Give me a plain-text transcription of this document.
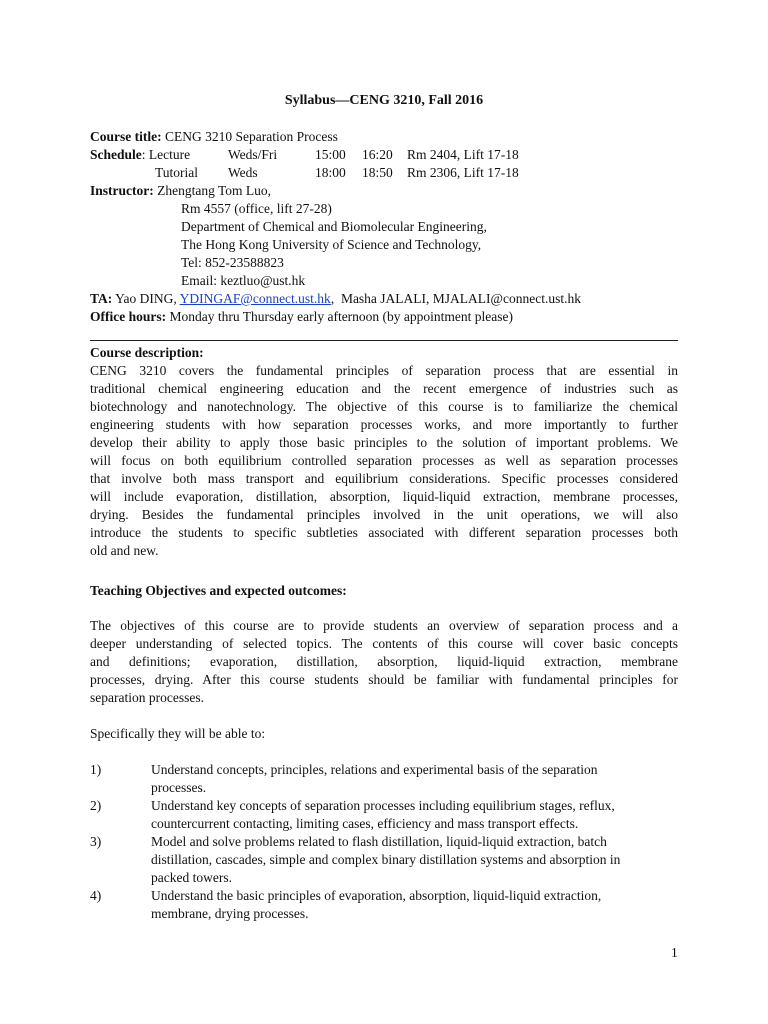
Syllabus—CENG 3210, Fall 2016
Course title: CENG 3210 Separation Process
Schedule: Lecture	Weds/Fri	15:00 16:20 Rm 2404, Lift 17-18
Tutorial Weds	18:00 18:50 Rm 2306, Lift 17-18
Instructor: Zhengtang Tom Luo,
Rm 4557 (office, lift 27-28)
Department of Chemical and Biomolecular Engineering,
The Hong Kong University of Science and Technology,
Tel: 852-23588823
Email: keztluo@ust.hk
TA: Yao DING, YDINGAF@connect.ust.hk, Masha JALALI, MJALALI@connect.ust.hk
Office hours: Monday thru Thursday early afternoon (by appointment please)
Course description:

CENG 3210 covers the fundamental principles of separation process that are essential in

traditional chemical engineering education and the recent emergence of industries such as

biotechnology and nanotechnology. The objective of this course is to familiarize the chemical

engineering students with how separation processes works, and more importantly to further

develop their ability to apply those basic principles to the solution of important problems. We

will focus on both equilibrium controlled separation processes as well as separation processes

that involve both mass transport and equilibrium considerations. Specific processes considered

will include evaporation, distillation, absorption, liquid-liquid extraction, membrane processes,

drying. Besides the fundamental principles involved in the unit operations, we will also

introduce the students to specific subtleties associated with different separation processes both

old and new.

Teaching Objectives and expected outcomes:

The objectives of this course are to provide students an overview of separation process and a

deeper understanding of selected topics. The contents of this course will cover basic concepts

and definitions; evaporation, distillation, absorption, liquid-liquid extraction, membrane

processes, drying. After this course students should be familiar with fundamental principles for

separation processes.

Specifically they will be able to:
1)	Understand concepts, principles, relations and experimental basis of the separation
processes.
2)	Understand key concepts of separation processes including equilibrium stages, reflux,
countercurrent contacting, limiting cases, efficiency and mass transport effects.
3)	Model and solve problems related to flash distillation, liquid-liquid extraction, batch
distillation, cascades, simple and complex binary distillation systems and absorption in
packed towers.
4)	Understand the basic principles of evaporation, absorption, liquid-liquid extraction,
membrane, drying processes.
1
